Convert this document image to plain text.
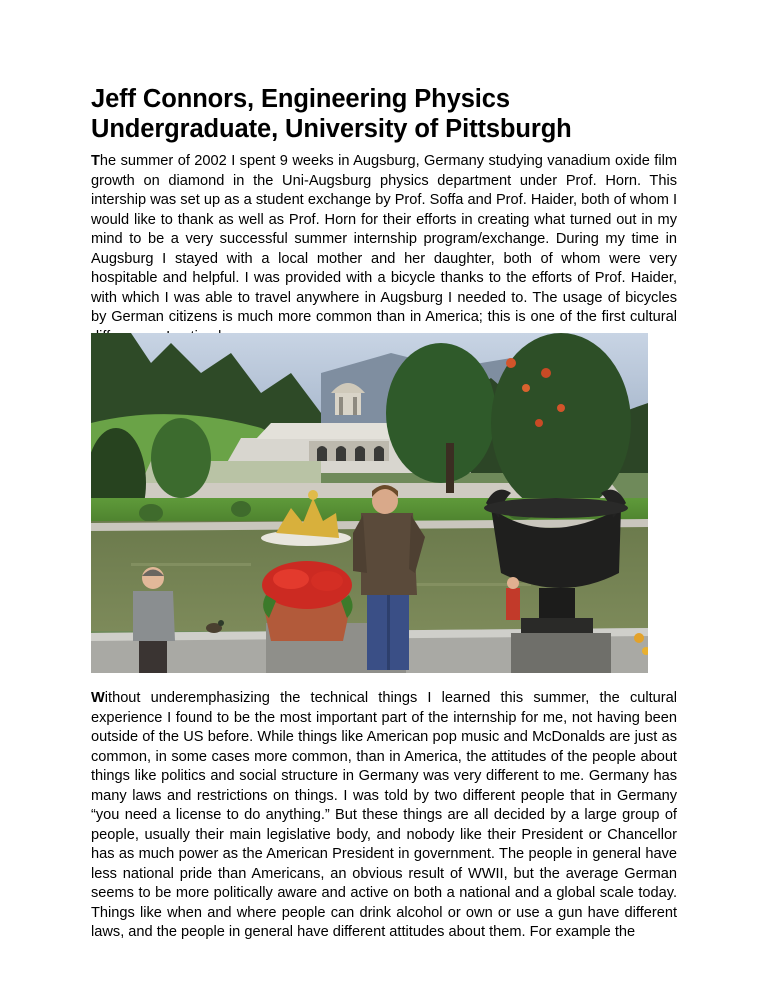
Jeff Connors, Engineering Physics Undergraduate, University of Pittsburgh

The summer of 2002 I spent 9 weeks in Augsburg, Germany studying vanadium oxide film growth on diamond in the Uni-Augsburg physics department under Prof. Horn. This intership was set up as a student exchange by Prof. Soffa and Prof. Haider, both of whom I would like to thank as well as Prof. Horn for their efforts in creating what turned out in my mind to be a very successful summer internship program/exchange. During my time in Augsburg I stayed with a local mother and her daughter, both of whom were very hospitable and helpful. I was provided with a bicycle thanks to the efforts of Prof. Haider, with which I was able to travel anywhere in Augsburg I needed to. The usage of bicycles by German citizens is much more common than in America; this is one of the first cultural

Without underemphasizing the technical things I learned this summer, the cultural experience I found to be the most important part of the internship for me, not having been outside of the US before. While things like American pop music and McDonalds are just as common, in some cases more common, than in America, the attitudes of the people about things like politics and social structure in Germany was very different to me. Germany has many laws and restrictions on things. I was told by two different people that in Germany “you need a license to do anything.” But these things are all decided by a large group of people, usually their main legislative body, and nobody like their President or Chancellor has as much power as the American President in government. The people in general have less national pride than Americans, an obvious result of WWII, but the average German seems to be more politically aware and active on both a national and a global scale today. Things like when and where people can drink alcohol or own or use a gun have different laws, and the people in general have different attitudes about them. For example the
